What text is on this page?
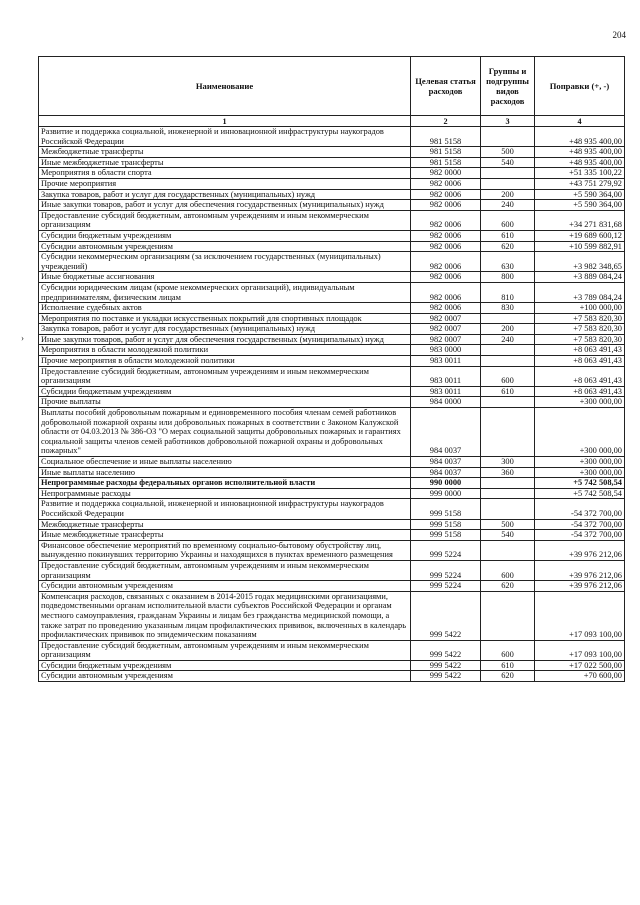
204
›
Наименование	Целевая статья расходов	Группы и подгруппы видов расходов	Поправки (+, -)
1	2	3	4
Развитие и поддержка социальной, инженерной и инновационной инфраструктуры наукоградов Российской Федерации	981 5158		+48 935 400,00
Межбюджетные трансферты	981 5158	500	+48 935 400,00
Иные межбюджетные трансферты	981 5158	540	+48 935 400,00
Мероприятия в области спорта	982 0000		+51 335 100,22
Прочие мероприятия	982 0006		+43 751 279,92
Закупка товаров, работ и услуг для государственных (муниципальных) нужд	982 0006	200	+5 590 364,00
Иные закупки товаров, работ и услуг для обеспечения государственных (муниципальных) нужд	982 0006	240	+5 590 364,00
Предоставление субсидий бюджетным, автономным учреждениям и иным некоммерческим организациям	982 0006	600	+34 271 831,68
Субсидии бюджетным учреждениям	982 0006	610	+19 689 600,12
Субсидии автономным учреждениям	982 0006	620	+10 599 882,91
Субсидии некоммерческим организациям (за исключением государственных (муниципальных) учреждений)	982 0006	630	+3 982 348,65
Иные бюджетные ассигнования	982 0006	800	+3 889 084,24
Субсидии юридическим лицам (кроме некоммерческих организаций), индивидуальным предпринимателям, физическим лицам	982 0006	810	+3 789 084,24
Исполнение судебных актов	982 0006	830	+100 000,00
Мероприятия по поставке и укладки искусственных покрытий для спортивных площадок	982 0007		+7 583 820,30
Закупка товаров, работ и услуг для государственных (муниципальных) нужд	982 0007	200	+7 583 820,30
Иные закупки товаров, работ и услуг для обеспечения государственных (муниципальных) нужд	982 0007	240	+7 583 820,30
Мероприятия в области молодежной политики	983 0000		+8 063 491,43
Прочие мероприятия в области молодежной политики	983 0011		+8 063 491,43
Предоставление субсидий бюджетным, автономным учреждениям и иным некоммерческим организациям	983 0011	600	+8 063 491,43
Субсидии бюджетным учреждениям	983 0011	610	+8 063 491,43
Прочие выплаты	984 0000		+300 000,00
Выплаты пособий добровольным пожарным и единовременного пособия членам семей работников добровольной пожарной охраны или добровольных пожарных в соответствии с Законом Калужской области от 04.03.2013 № 386-ОЗ "О мерах социальной защиты добровольных пожарных и гарантиях социальной защиты членов семей работников добровольной пожарной охраны и добровольных пожарных"	984 0037		+300 000,00
Социальное обеспечение и иные выплаты населению	984 0037	300	+300 000,00
Иные выплаты населению	984 0037	360	+300 000,00
Непрограммные расходы федеральных органов исполнительной власти	990 0000		+5 742 508,54
Непрограммные расходы	999 0000		+5 742 508,54
Развитие и поддержка социальной, инженерной и инновационной инфраструктуры наукоградов Российской Федерации	999 5158		-54 372 700,00
Межбюджетные трансферты	999 5158	500	-54 372 700,00
Иные межбюджетные трансферты	999 5158	540	-54 372 700,00
Финансовое обеспечение мероприятий по временному социально-бытовому обустройству лиц, вынужденно покинувших территорию Украины и находящихся в пунктах временного размещения	999 5224		+39 976 212,06
Предоставление субсидий бюджетным, автономным учреждениям и иным некоммерческим организациям	999 5224	600	+39 976 212,06
Субсидии автономным учреждениям	999 5224	620	+39 976 212,06
Компенсация расходов, связанных с оказанием в 2014-2015 годах медицинскими организациями, подведомственными органам исполнительной власти субъектов Российской Федерации и органам местного самоуправления, гражданам Украины и лицам без гражданства медицинской помощи, а также затрат по проведению указанным лицам профилактических прививок, включенных в календарь профилактических прививок по эпидемическим показаниям	999 5422		+17 093 100,00
Предоставление субсидий бюджетным, автономным учреждениям и иным некоммерческим организациям	999 5422	600	+17 093 100,00
Субсидии бюджетным учреждениям	999 5422	610	+17 022 500,00
Субсидии автономным учреждениям	999 5422	620	+70 600,00
